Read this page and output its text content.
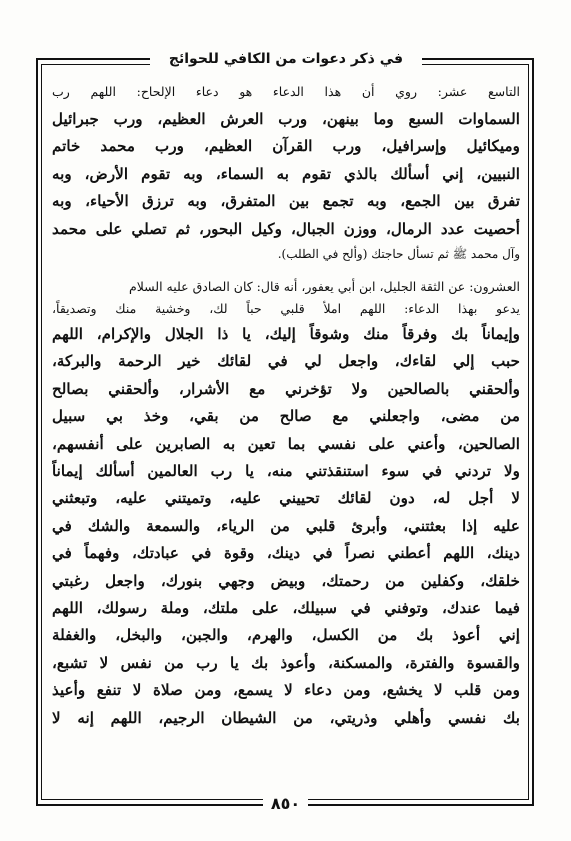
في ذكر دعوات من الكافي للحوائج
التاسع عشر: روي أن هذا الدعاء هو دعاء الإلحاح: اللهم رب
السماوات السبع وما بينهن، ورب العرش العظيم، ورب جبرائيل
وميكائيل وإسرافيل، ورب القرآن العظيم، ورب محمد خاتم
النبيين، إني أسألك بالذي تقوم به السماء، وبه تقوم الأرض، وبه
تفرق بين الجمع، وبه تجمع بين المتفرق، وبه ترزق الأحياء، وبه
أحصيت عدد الرمال، ووزن الجبال، وكيل البحور، ثم تصلي على محمد
وآل محمد ﷺ ثم تسأل حاجتك (وألح في الطلب).
العشرون: عن الثقة الجليل، ابن أبي يعفور، أنه قال: كان الصادق عليه السلام
يدعو بهذا الدعاء: اللهم املأ قلبي حباً لك، وخشية منك وتصديقاً،
وإيماناً بك وفرقاً منك وشوقاً إليك، يا ذا الجلال والإكرام، اللهم
حبب إلي لقاءك، واجعل لي في لقائك خير الرحمة والبركة،
وألحقني بالصالحين ولا تؤخرني مع الأشرار، وألحقني بصالح
من مضى، واجعلني مع صالح من بقي، وخذ بي سبيل
الصالحين، وأعني على نفسي بما تعين به الصابرين على أنفسهم،
ولا تردني في سوء استنقذتني منه، يا رب العالمين أسألك إيماناً
لا أجل له، دون لقائك تحييني عليه، وتميتني عليه، وتبعثني
عليه إذا بعثتني، وأبرئ قلبي من الرياء، والسمعة والشك في
دينك، اللهم أعطني نصراً في دينك، وقوة في عبادتك، وفهماً في
خلقك، وكفلين من رحمتك، وبيض وجهي بنورك، واجعل رغبتي
فيما عندك، وتوفني في سبيلك، على ملتك، وملة رسولك، اللهم
إني أعوذ بك من الكسل، والهرم، والجبن، والبخل، والغفلة
والقسوة والفترة، والمسكنة، وأعوذ بك يا رب من نفس لا تشبع،
ومن قلب لا يخشع، ومن دعاء لا يسمع، ومن صلاة لا تنفع وأعيذ
بك نفسي وأهلي وذريتي، من الشيطان الرجيم، اللهم إنه لا
٨٥٠
